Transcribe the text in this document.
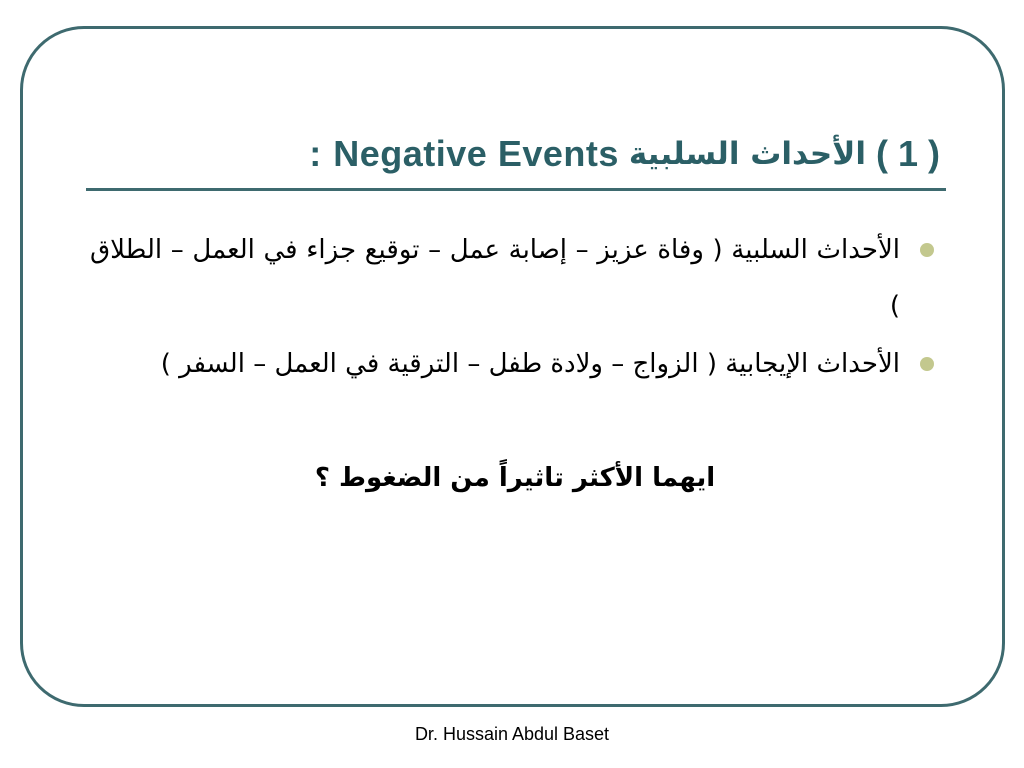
: Negative Events الأحداث السلبية ( 1 )
الأحداث السلبية ( وفاة عزيز – إصابة عمل – توقيع جزاء في العمل – الطلاق )
الأحداث الإيجابية ( الزواج – ولادة طفل – الترقية في العمل – السفر )
ايهما الأكثر تاثيراً من الضغوط ؟
Dr. Hussain Abdul Baset
